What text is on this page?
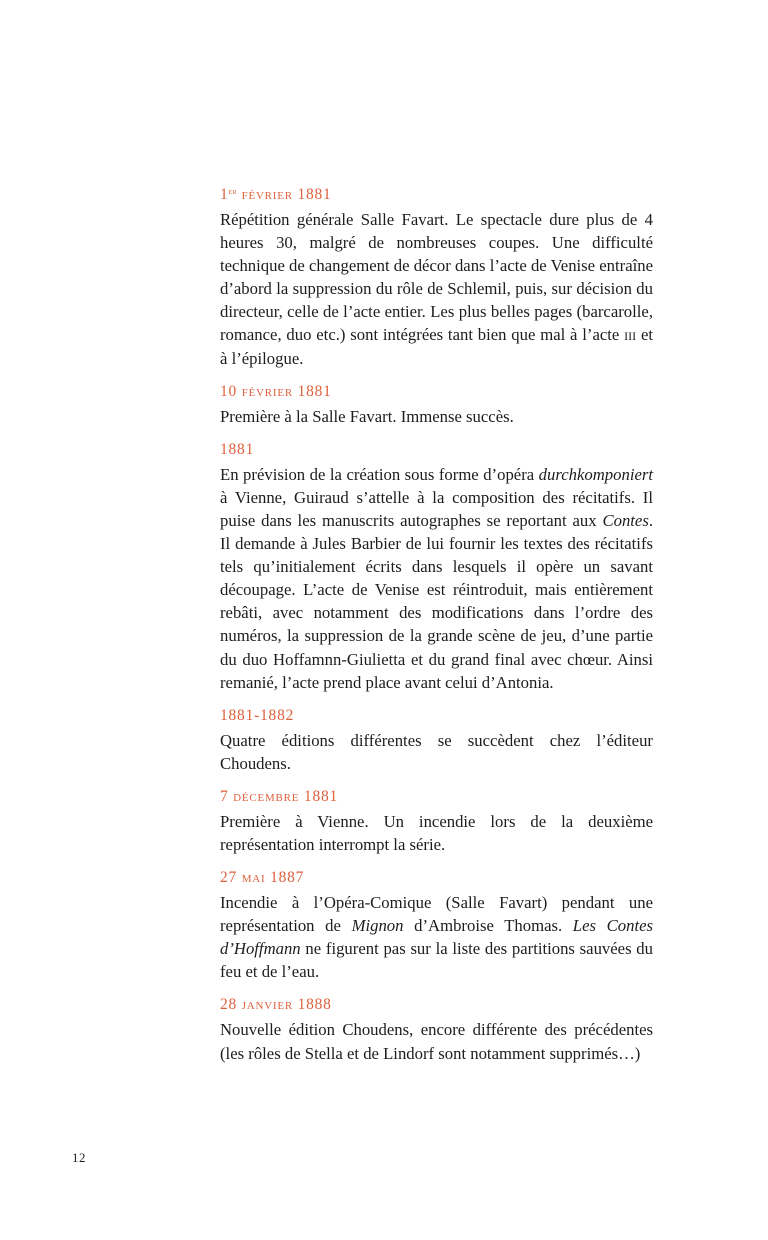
1er février 1881

Répétition générale Salle Favart. Le spectacle dure plus de 4 heures 30, malgré de nombreuses coupes. Une difficulté technique de changement de décor dans l’acte de Venise entraîne d’abord la suppression du rôle de Schlemil, puis, sur décision du directeur, celle de l’acte entier. Les plus belles pages (barcarolle, romance, duo etc.) sont intégrées tant bien que mal à l’acte iii et à l’épilogue.

10 février 1881

Première à la Salle Favart. Immense succès.

1881

En prévision de la création sous forme d’opéra durchkomponiert à Vienne, Guiraud s’attelle à la composition des récitatifs. Il puise dans les manuscrits autographes se reportant aux Contes. Il demande à Jules Barbier de lui fournir les textes des récitatifs tels qu’initialement écrits dans lesquels il opère un savant découpage. L’acte de Venise est réintroduit, mais entièrement rebâti, avec notamment des modifications dans l’ordre des numéros, la suppression de la grande scène de jeu, d’une partie du duo Hoffamnn-Giulietta et du grand final avec chœur. Ainsi remanié, l’acte prend place avant celui d’Antonia.

1881-1882

Quatre éditions différentes se succèdent chez l’éditeur Choudens.

7 décembre 1881

Première à Vienne. Un incendie lors de la deuxième représentation interrompt la série.

27 mai 1887

Incendie à l’Opéra-Comique (Salle Favart) pendant une représentation de Mignon d’Ambroise Thomas. Les Contes d’Hoffmann ne figurent pas sur la liste des partitions sauvées du feu et de l’eau.

28 janvier 1888

Nouvelle édition Choudens, encore différente des précédentes (les rôles de Stella et de Lindorf sont notamment supprimés…)

12
